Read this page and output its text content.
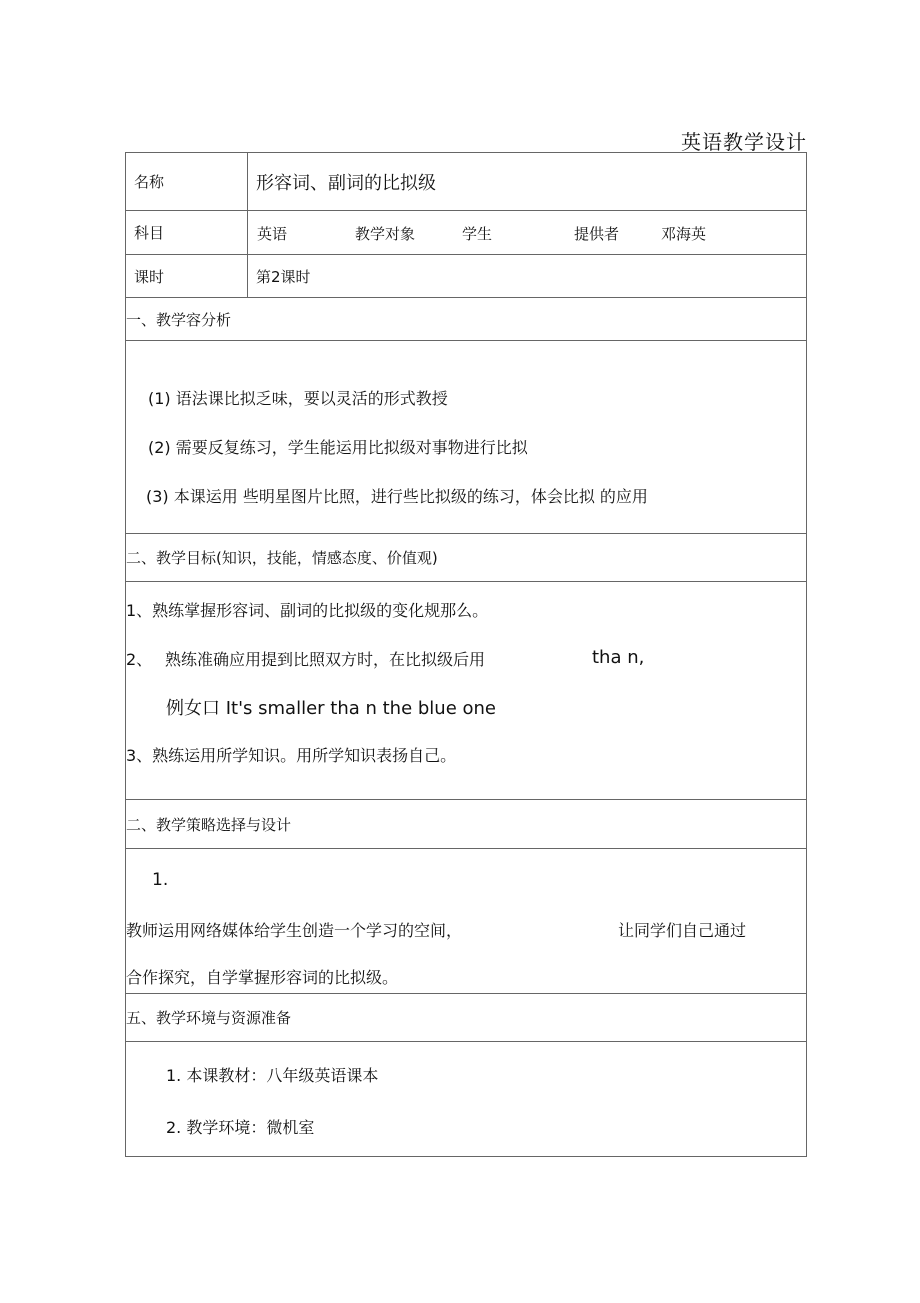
英语教学设计
名称	形容词、副词的比拟级
科目	英语	教学对象	学生	提供者	邓海英
课时	第2课时
一、教学容分析
(1) 语法课比拟乏味，要以灵活的形式教授
(2) 需要反复练习，学生能运用比拟级对事物进行比拟
(3) 本课运用 些明星图片比照，进行些比拟级的练习，体会比拟 的应用
二、教学目标(知识，技能，情感态度、价值观)
1、熟练掌握形容词、副词的比拟级的变化规那么。
2、 熟练准确应用提到比照双方时，在比拟级后用	tha n,
例女口 It's smaller tha n the blue one
3、熟练运用所学知识。用所学知识表扬自己。
二、教学策略选择与设计
1.
教师运用网络媒体给学生创造一个学习的空间，	让同学们自己通过
合作探究，自学掌握形容词的比拟级。
五、教学环境与资源准备
1. 本课教材：八年级英语课本
2. 教学环境：微机室
